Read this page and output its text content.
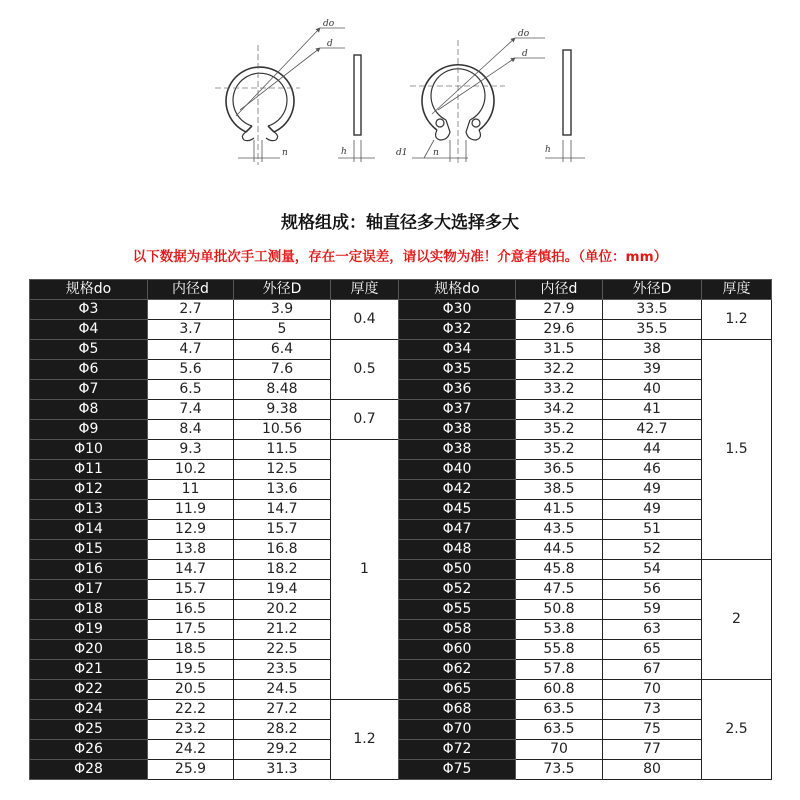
do
d
n	h
do
d
d1	n	h
规格组成：轴直径多大选择多大
以下数据为单批次手工测量，存在一定误差，请以实物为准！介意者慎拍。（单位：mm）
规格do	内径d	外径D	厚度
Φ3	2.7	3.9	0.4
Φ4	3.7	5	
Φ5	4.7	6.4	0.5
Φ6	5.6	7.6	
Φ7	6.5	8.48	
Φ8	7.4	9.38	0.7
Φ9	8.4	10.56	
Φ10	9.3	11.5	1
Φ11	10.2	12.5	
Φ12	11	13.6	
Φ13	11.9	14.7	
Φ14	12.9	15.7	
Φ15	13.8	16.8	
Φ16	14.7	18.2	
Φ17	15.7	19.4	
Φ18	16.5	20.2	
Φ19	17.5	21.2	
Φ20	18.5	22.5	
Φ21	19.5	23.5	
Φ22	20.5	24.5	
Φ24	22.2	27.2	1.2
Φ25	23.2	28.2	
Φ26	24.2	29.2	
Φ28	25.9	31.3	
规格do	内径d	外径D	厚度
Φ30	27.9	33.5	1.2
Φ32	29.6	35.5	
Φ34	31.5	38	1.5
Φ35	32.2	39	
Φ36	33.2	40	
Φ37	34.2	41	
Φ38	35.2	42.7	
Φ38	35.2	44	
Φ40	36.5	46	
Φ42	38.5	49	
Φ45	41.5	49	
Φ47	43.5	51	
Φ48	44.5	52	
Φ50	45.8	54	2
Φ52	47.5	56	
Φ55	50.8	59	
Φ58	53.8	63	
Φ60	55.8	65	
Φ62	57.8	67	
Φ65	60.8	70	2.5
Φ68	63.5	73	
Φ70	63.5	75	
Φ72	70	77	
Φ75	73.5	80	
